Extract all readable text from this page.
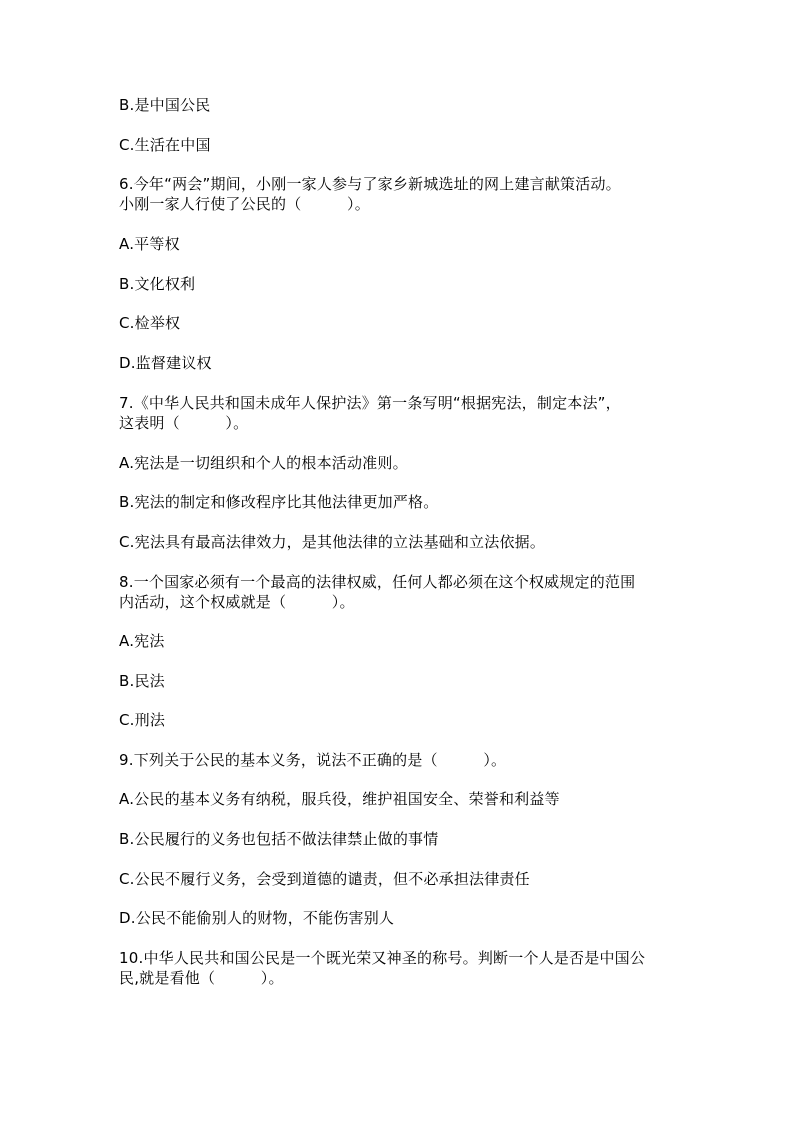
B.是中国公民
C.生活在中国
6.今年“两会”期间，小刚一家人参与了家乡新城选址的网上建言献策活动。
小刚一家人行使了公民的（　　　）。
A.平等权
B.文化权利
C.检举权
D.监督建议权
7.《中华人民共和国未成年人保护法》第一条写明“根据宪法，制定本法”，
这表明（　　　）。
A.宪法是一切组织和个人的根本活动准则。
B.宪法的制定和修改程序比其他法律更加严格。
C.宪法具有最高法律效力，是其他法律的立法基础和立法依据。
8.一个国家必须有一个最高的法律权威，任何人都必须在这个权威规定的范围
内活动，这个权威就是（　　　）。
A.宪法
B.民法
C.刑法
9.下列关于公民的基本义务，说法不正确的是（　　　）。
A.公民的基本义务有纳税，服兵役，维护祖国安全、荣誉和利益等
B.公民履行的义务也包括不做法律禁止做的事情
C.公民不履行义务，会受到道德的谴责，但不必承担法律责任
D.公民不能偷别人的财物，不能伤害别人
10.中华人民共和国公民是一个既光荣又神圣的称号。判断一个人是否是中国公
民,就是看他（　　　）。
